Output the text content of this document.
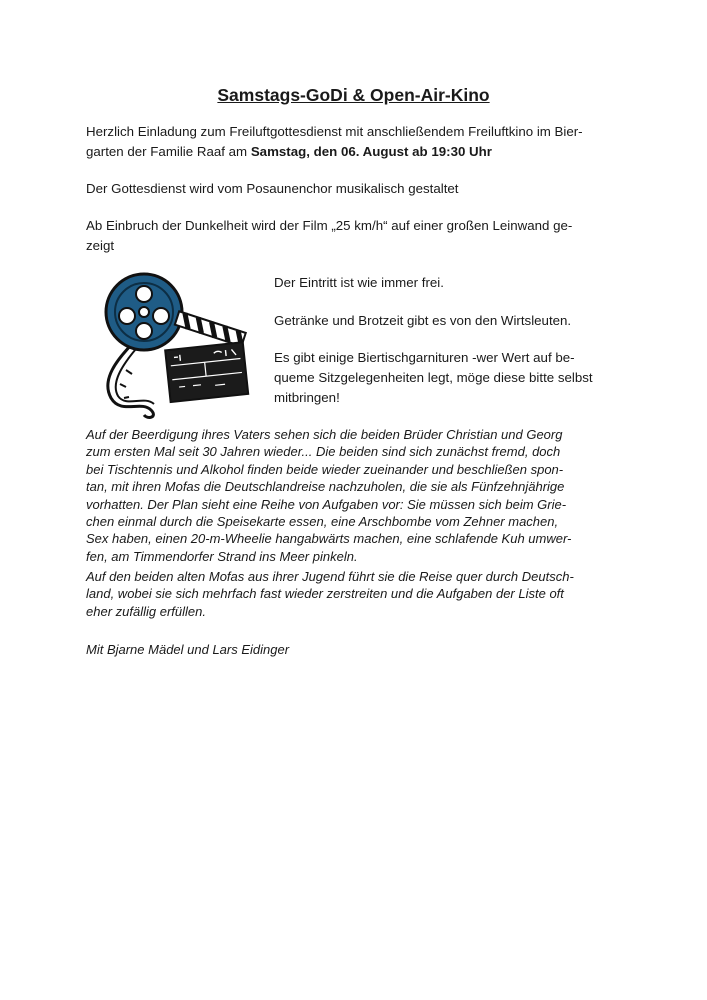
Samstags-GoDi & Open-Air-Kino

Herzlich Einladung zum Freiluftgottesdienst mit anschließendem Freiluftkino im Bier-
garten der Familie Raaf am Samstag, den 06. August ab 19:30 Uhr

Der Gottesdienst wird vom Posaunenchor musikalisch gestaltet

Ab Einbruch der Dunkelheit wird der Film „25 km/h“ auf einer großen Leinwand ge-
zeigt

Der Eintritt ist wie immer frei.

Getränke und Brotzeit gibt es von den Wirtsleuten.

Es gibt einige Biertischgarnituren -wer Wert auf be-
queme Sitzgelegenheiten legt, möge diese bitte selbst
mitbringen!

Auf der Beerdigung ihres Vaters sehen sich die beiden Brüder Christian und Georg
zum ersten Mal seit 30 Jahren wieder... Die beiden sind sich zunächst fremd, doch
bei Tischtennis und Alkohol finden beide wieder zueinander und beschließen spon-
tan, mit ihren Mofas die Deutschlandreise nachzuholen, die sie als Fünfzehnjährige
vorhatten. Der Plan sieht eine Reihe von Aufgaben vor: Sie müssen sich beim Grie-
chen einmal durch die Speisekarte essen, eine Arschbombe vom Zehner machen,
Sex haben, einen 20-m-Wheelie hangabwärts machen, eine schlafende Kuh umwer-
fen, am Timmendorfer Strand ins Meer pinkeln.

Auf den beiden alten Mofas aus ihrer Jugend führt sie die Reise quer durch Deutsch-
land, wobei sie sich mehrfach fast wieder zerstreiten und die Aufgaben der Liste oft
eher zufällig erfüllen.

Mit Bjarne Mädel und Lars Eidinger
